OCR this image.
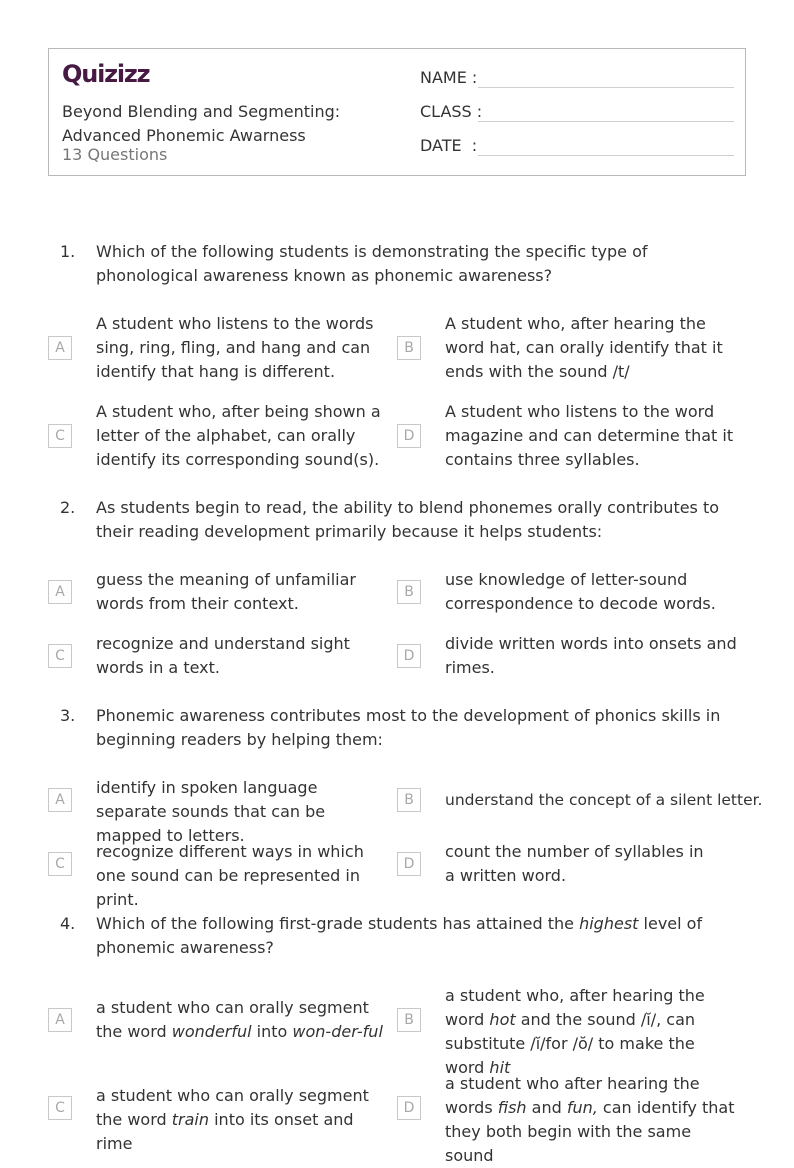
Quizizz
Beyond Blending and Segmenting: Advanced Phonemic Awarness
13 Questions
NAME :
CLASS :
DATE  :
1. Which of the following students is demonstrating the specific type of phonological awareness known as phonemic awareness?
A
A student who listens to the words sing, ring, fling, and hang and can identify that hang is different.
B
A student who, after hearing the word hat, can orally identify that it ends with the sound /t/
C
A student who, after being shown a letter of the alphabet, can orally identify its corresponding sound(s).
D
A student who listens to the word magazine and can determine that it contains three syllables.
2. As students begin to read, the ability to blend phonemes orally contributes to their reading development primarily because it helps students:
A
guess the meaning of unfamiliar words from their context.
B
use knowledge of letter-sound correspondence to decode words.
C
recognize and understand sight words in a text.
D
divide written words into onsets and rimes.
3. Phonemic awareness contributes most to the development of phonics skills in beginning readers by helping them:
A
identify in spoken language separate sounds that can be mapped to letters.
B	understand the concept of a silent letter.
C
recognize different ways in which one sound can be represented in print.
D
count the number of syllables in a written word.
4. Which of the following first-grade students has attained the highest level of phonemic awareness?
A
a student who can orally segment the word wonderful into won-der-ful
B
a student who, after hearing the word hot and the sound /ĭ/, can substitute /ĭ/for /ŏ/ to make the word hit
C
a student who can orally segment the word train into its onset and rime
D
a student who after hearing the words fish and fun, can identify that they both begin with the same sound
